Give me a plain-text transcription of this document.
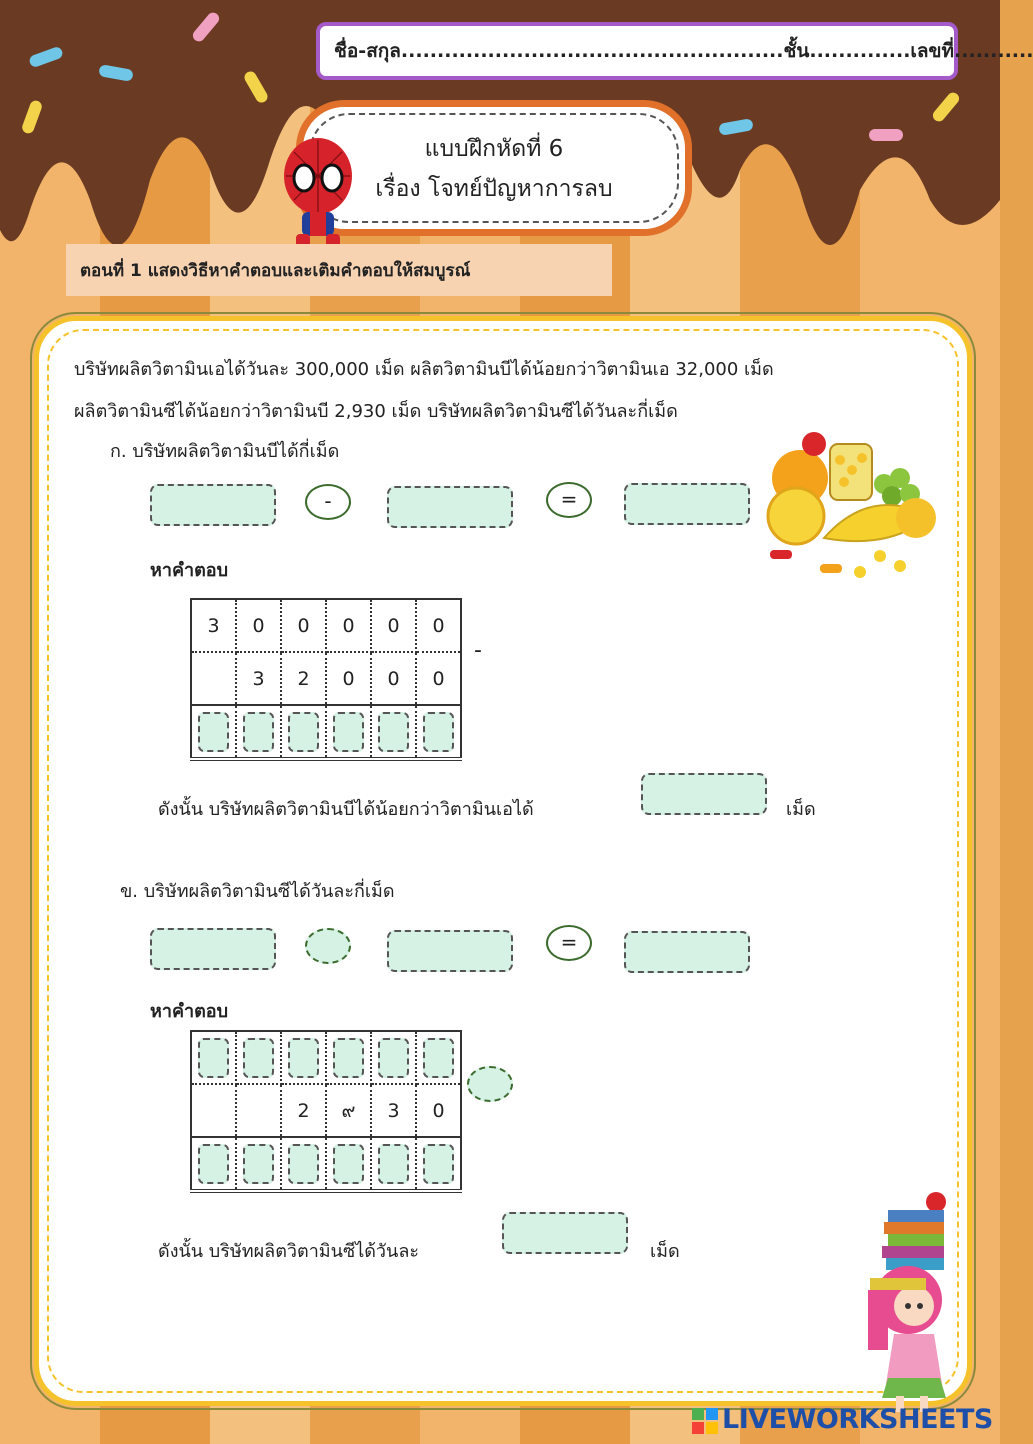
ชื่อ-สกุล.....................................................ชั้น..............เลขที่...........
แบบฝึกหัดที่ 6
เรื่อง โจทย์ปัญหาการลบ
ตอนที่ 1 แสดงวิธีหาคำตอบและเติมคำตอบให้สมบูรณ์
บริษัทผลิตวิตามินเอได้วันละ 300,000 เม็ด ผลิตวิตามินบีได้น้อยกว่าวิตามินเอ 32,000 เม็ด
ผลิตวิตามินซีได้น้อยกว่าวิตามินบี 2,930 เม็ด บริษัทผลิตวิตามินซีได้วันละกี่เม็ด
ก. บริษัทผลิตวิตามินบีได้กี่เม็ด
-	=
หาคำตอบ
3	0	0	0	0	0
	3	2	0	0	0

-
ดังนั้น บริษัทผลิตวิตามินบีได้น้อยกว่าวิตามินเอได้	เม็ด
ข. บริษัทผลิตวิตามินซีได้วันละกี่เม็ด
=
หาคำตอบ

		2	๙	3	0

ดังนั้น บริษัทผลิตวิตามินซีได้วันละ	เม็ด
LIVEWORKSHEETS
